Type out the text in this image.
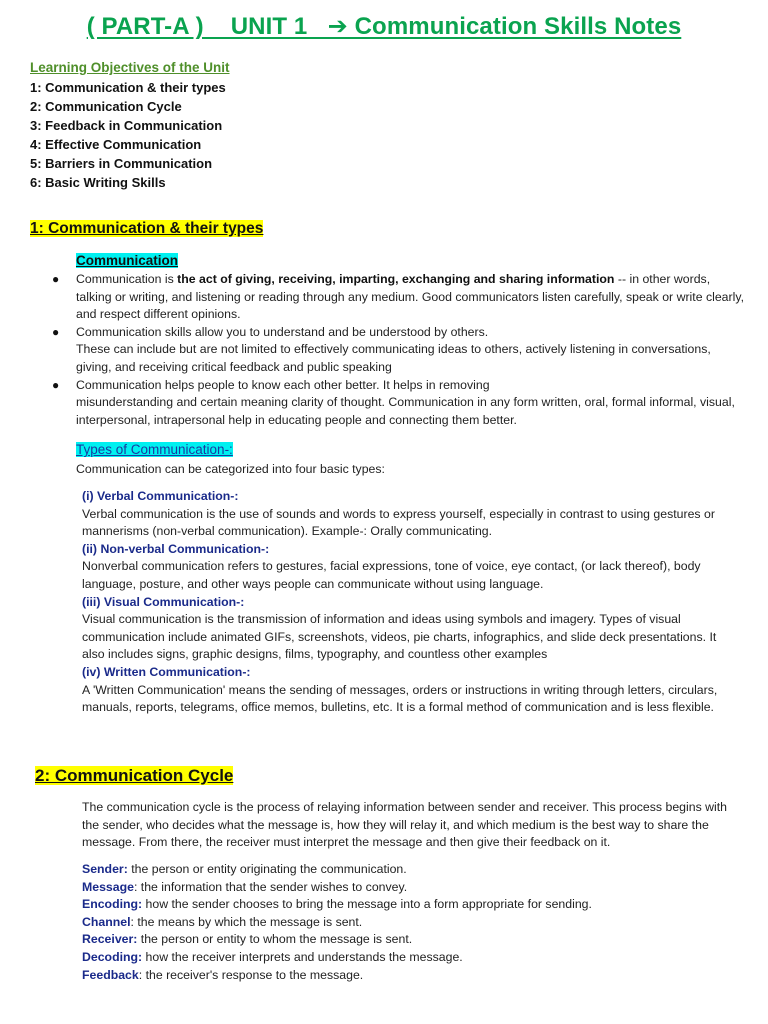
( PART-A )    UNIT 1   ➔ Communication Skills Notes
Learning Objectives of the Unit
1: Communication & their types
2: Communication Cycle
3: Feedback in Communication
4: Effective Communication
5: Barriers in Communication
6: Basic Writing Skills
1: Communication & their types
Communication
● Communication is the act of giving, receiving, imparting, exchanging and sharing information -- in other words, talking or writing, and listening or reading through any medium. Good communicators listen carefully, speak or write clearly, and respect different opinions.
● Communication skills allow you to understand and be understood by others.
These can include but are not limited to effectively communicating ideas to others, actively listening in conversations, giving, and receiving critical feedback and public speaking
● Communication helps people to know each other better. It helps in removing
misunderstanding and certain meaning clarity of thought. Communication in any form written, oral, formal informal, visual, interpersonal, intrapersonal help in educating people and connecting them better.
Types of Communication-:
Communication can be categorized into four basic types:
(i) Verbal Communication-:
Verbal communication is the use of sounds and words to express yourself, especially in contrast to using gestures or mannerisms (non-verbal communication). Example-: Orally communicating.
(ii) Non-verbal Communication-:
Nonverbal communication refers to gestures, facial expressions, tone of voice, eye contact, (or lack thereof), body language, posture, and other ways people can communicate without using language.
(iii) Visual Communication-:
Visual communication is the transmission of information and ideas using symbols and imagery. Types of visual communication include animated GIFs, screenshots, videos, pie charts, infographics, and slide deck presentations. It also includes signs, graphic designs, films, typography, and countless other examples
(iv) Written Communication-:
A 'Written Communication' means the sending of messages, orders or instructions in writing through letters, circulars, manuals, reports, telegrams, office memos, bulletins, etc. It is a formal method of communication and is less flexible.
2: Communication Cycle
The communication cycle is the process of relaying information between sender and receiver. This process begins with the sender, who decides what the message is, how they will relay it, and which medium is the best way to share the message. From there, the receiver must interpret the message and then give their feedback on it.
Sender: the person or entity originating the communication.
Message: the information that the sender wishes to convey.
Encoding: how the sender chooses to bring the message into a form appropriate for sending.
Channel: the means by which the message is sent.
Receiver: the person or entity to whom the message is sent.
Decoding: how the receiver interprets and understands the message.
Feedback: the receiver's response to the message.
